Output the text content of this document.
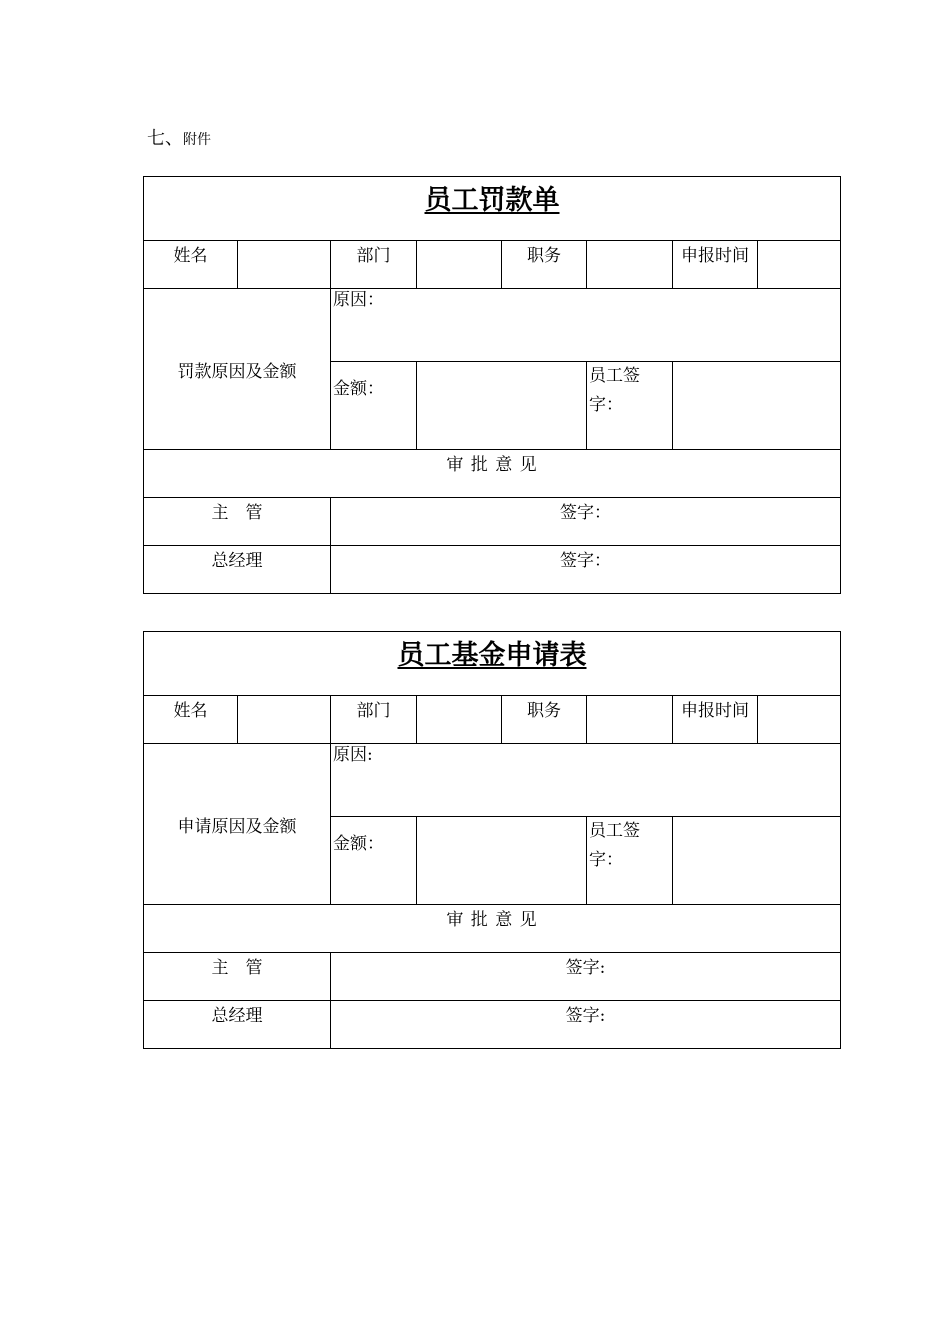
七、附件
员工罚款单							
姓名		部门		职务		申报时间	
罚款原因及金额		原因：					
		金额：			员工签字：		
审 批 意 见							
主　管		签字：					
总经理		签字：					
员工基金申请表							
姓名		部门		职务		申报时间	
申请原因及金额		原因:					
		金额：			员工签字：		
审 批 意 见							
主　管		签字:					
总经理		签字:					
